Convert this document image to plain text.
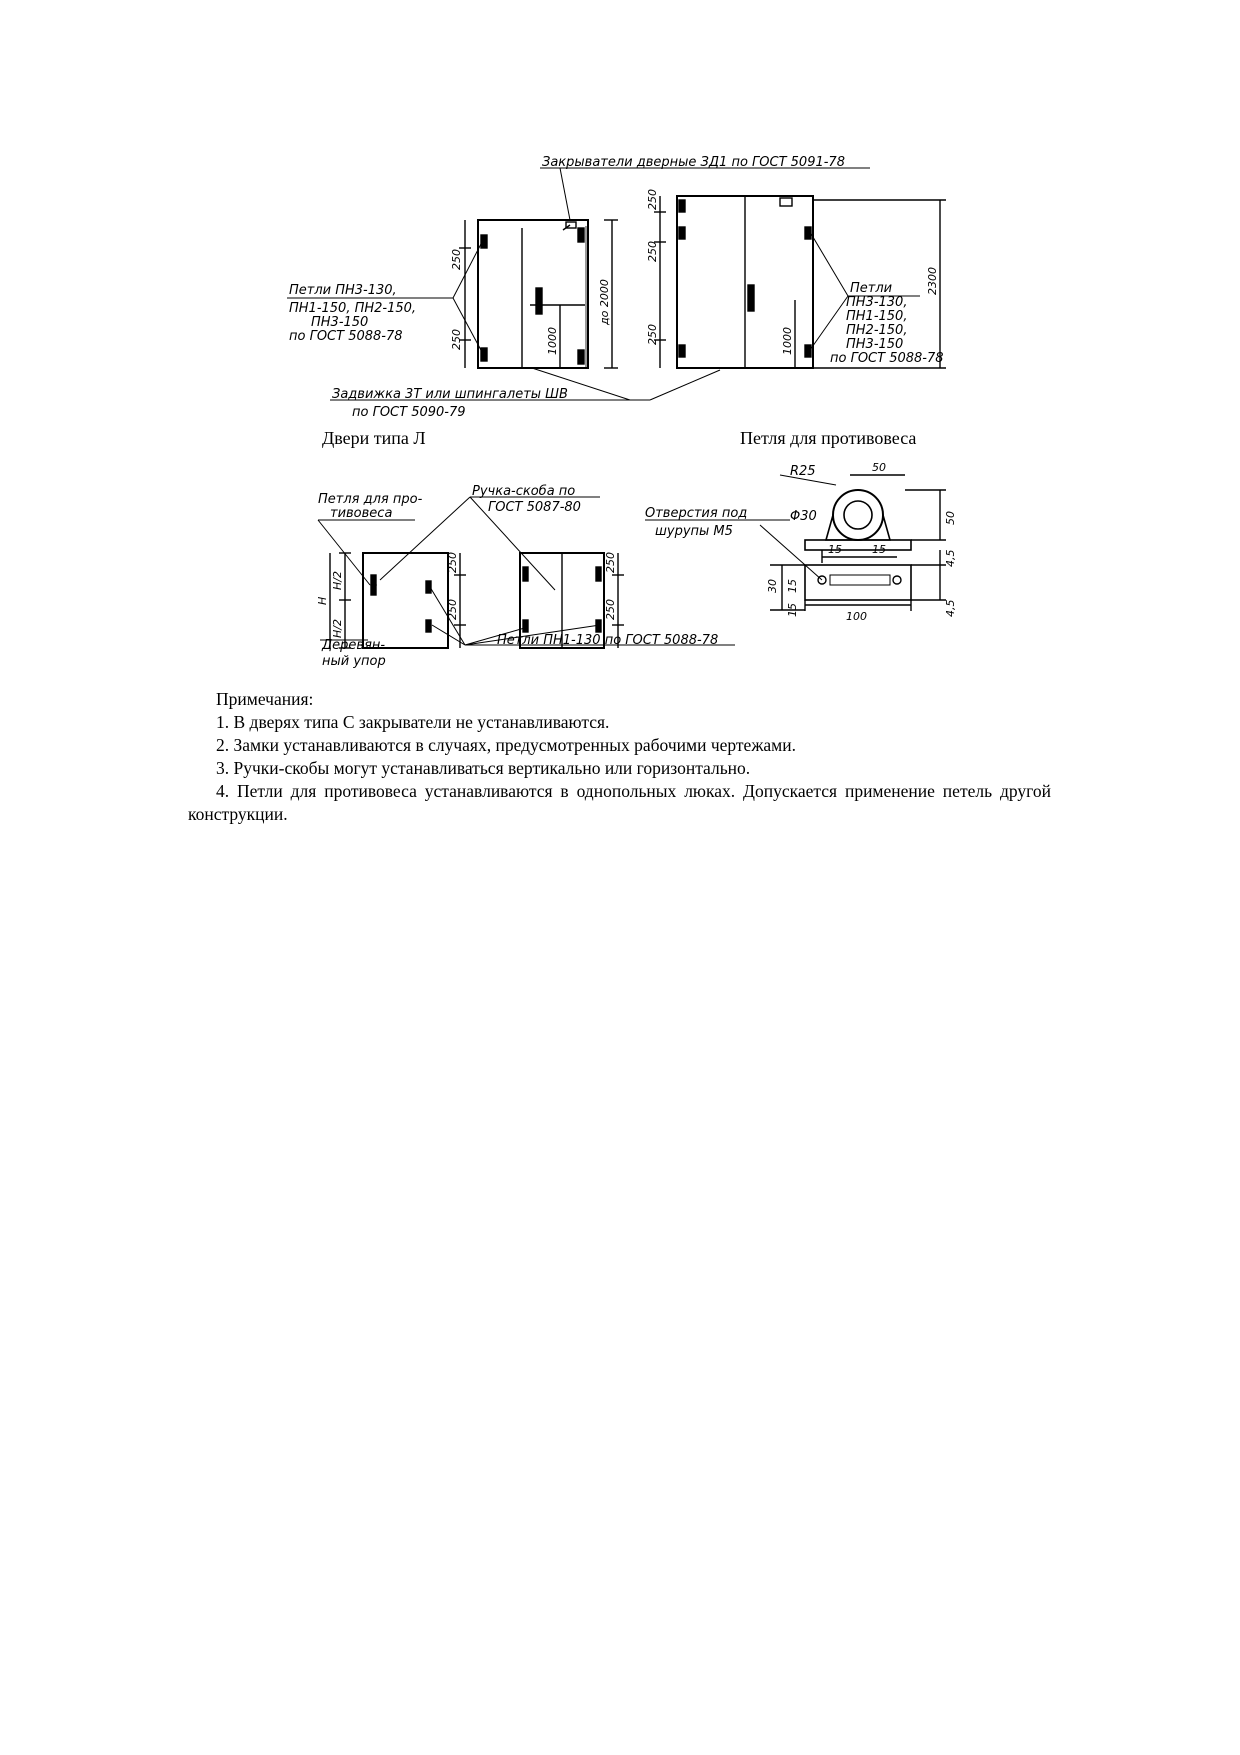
Закрыватели дверные ЗД1 по ГОСТ 5091-78
Петли ПН3-130,
ПН1-150, ПН2-150,
ПН3-150
по ГОСТ 5088-78
Задвижка 3Т или шпингалеты ШВ
по ГОСТ 5090-79
Петли
ПН3-130,
ПН1-150,
ПН2-150,
ПН3-150
по ГОСТ 5088-78
250
250	1000
до 2000
250
250
250	1000
2300
Двери типа Л	Петля для противовеса
Петля для про-
тивовеса
Ручка-скоба по
ГОСТ 5087-80
Деревян-
ный упор
Петли ПН1-130 по ГОСТ 5088-78
H
H/2
H/2
250
250
250
250
R25	50
Φ30
15	15
100
50
4,5
4,5
30 15
15
Отверстия под
шурупы М5

Примечания:

1. В дверях типа С закрыватели не устанавливаются.

2. Замки устанавливаются в случаях, предусмотренных рабочими чертежами.

3. Ручки-скобы могут устанавливаться вертикально или горизонтально.

4. Петли для противовеса устанавливаются в однопольных люках. Допускается применение петель другой конструкции.
